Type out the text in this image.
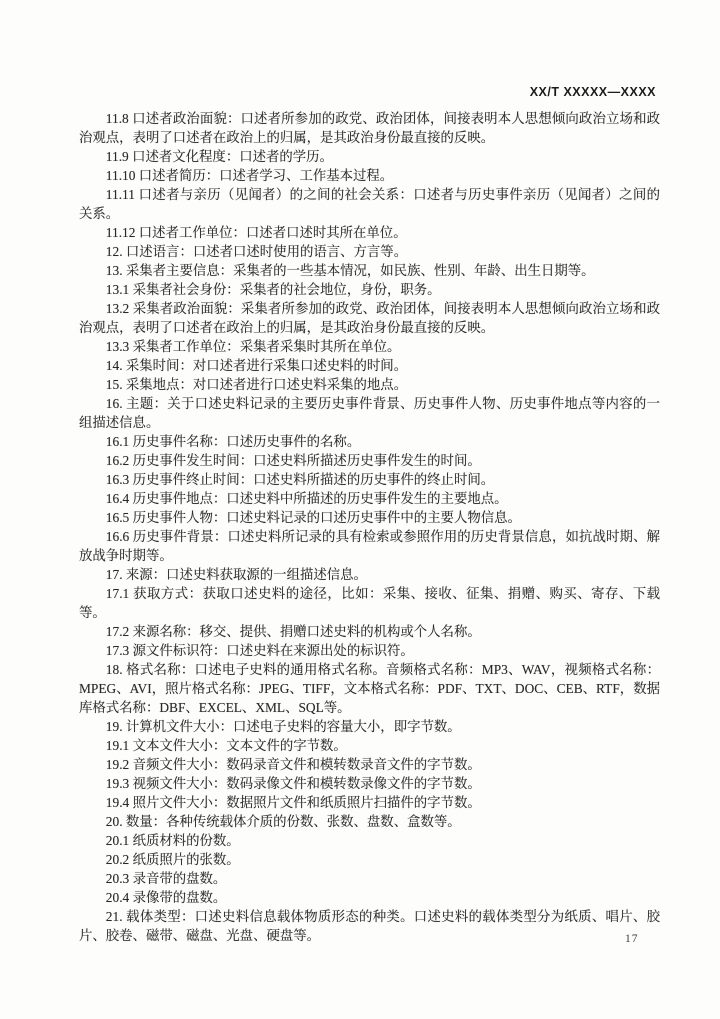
XX/T XXXXX—XXXX

11.8 口述者政治面貌：口述者所参加的政党、政治团体，间接表明本人思想倾向政治立场和政治观点，表明了口述者在政治上的归属，是其政治身份最直接的反映。

11.9 口述者文化程度：口述者的学历。

11.10 口述者简历：口述者学习、工作基本过程。

11.11 口述者与亲历（见闻者）的之间的社会关系：口述者与历史事件亲历（见闻者）之间的关系。

11.12 口述者工作单位：口述者口述时其所在单位。

12. 口述语言：口述者口述时使用的语言、方言等。

13. 采集者主要信息：采集者的一些基本情况，如民族、性别、年龄、出生日期等。

13.1 采集者社会身份：采集者的社会地位，身份，职务。

13.2 采集者政治面貌：采集者所参加的政党、政治团体，间接表明本人思想倾向政治立场和政治观点，表明了口述者在政治上的归属，是其政治身份最直接的反映。

13.3 采集者工作单位：采集者采集时其所在单位。

14. 采集时间：对口述者进行采集口述史料的时间。

15. 采集地点：对口述者进行口述史料采集的地点。

16. 主题：关于口述史料记录的主要历史事件背景、历史事件人物、历史事件地点等内容的一组描述信息。

16.1 历史事件名称：口述历史事件的名称。

16.2 历史事件发生时间：口述史料所描述历史事件发生的时间。

16.3 历史事件终止时间：口述史料所描述的历史事件的终止时间。

16.4 历史事件地点：口述史料中所描述的历史事件发生的主要地点。

16.5 历史事件人物：口述史料记录的口述历史事件中的主要人物信息。

16.6 历史事件背景：口述史料所记录的具有检索或参照作用的历史背景信息，如抗战时期、解放战争时期等。

17. 来源：口述史料获取源的一组描述信息。

17.1 获取方式：获取口述史料的途径，比如：采集、接收、征集、捐赠、购买、寄存、下载等。

17.2 来源名称：移交、提供、捐赠口述史料的机构或个人名称。

17.3 源文件标识符：口述史料在来源出处的标识符。

18. 格式名称：口述电子史料的通用格式名称。音频格式名称：MP3、WAV，视频格式名称：MPEG、AVI，照片格式名称：JPEG、TIFF，文本格式名称：PDF、TXT、DOC、CEB、RTF，数据库格式名称：DBF、EXCEL、XML、SQL等。

19. 计算机文件大小：口述电子史料的容量大小，即字节数。

19.1 文本文件大小：文本文件的字节数。

19.2 音频文件大小：数码录音文件和模转数录音文件的字节数。

19.3 视频文件大小：数码录像文件和模转数录像文件的字节数。

19.4 照片文件大小：数据照片文件和纸质照片扫描件的字节数。

20. 数量：各种传统载体介质的份数、张数、盘数、盒数等。

20.1 纸质材料的份数。

20.2 纸质照片的张数。

20.3 录音带的盘数。

20.4 录像带的盘数。

21. 载体类型：口述史料信息载体物质形态的种类。口述史料的载体类型分为纸质、唱片、胶片、胶卷、磁带、磁盘、光盘、硬盘等。	17
